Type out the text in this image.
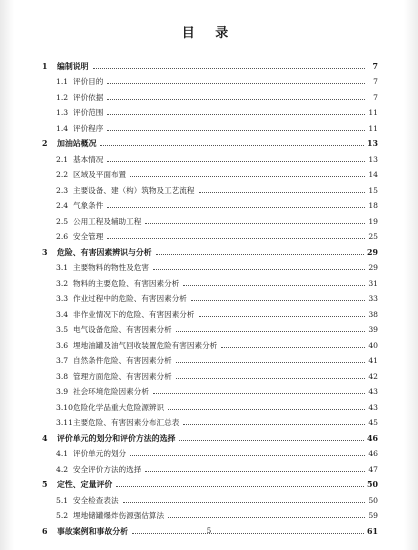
目 录
1	编制说明	7
1.1 评价目的	7
1.2 评价依据	7
1.3 评价范围	11
1.4 评价程序	11
2	加油站概况	13
2.1 基本情况	13
2.2 区域及平面布置	14
2.3 主要设备、建（构）筑物及工艺流程	15
2.4 气象条件	18
2.5 公用工程及辅助工程	19
2.6 安全管理	25
3	危险、有害因素辨识与分析	29
3.1 主要物料的物性及危害	29
3.2 物料的主要危险、有害因素分析	31
3.3 作业过程中的危险、有害因素分析	33
3.4 非作业情况下的危险、有害因素分析	38
3.5 电气设备危险、有害因素分析	39
3.6 埋地油罐及油气回收装置危险有害因素分析	40
3.7 自然条件危险、有害因素分析	41
3.8 管理方面危险、有害因素分析	42
3.9 社会环境危险因素分析	43
3.10 危险化学品重大危险源辨识	43
3.11 主要危险、有害因素分布汇总表	45
4	评价单元的划分和评价方法的选择	46
4.1 评价单元的划分	46
4.2 安全评价方法的选择	47
5	定性、定量评价	50
5.1 安全检查表法	50
5.2 埋地储罐爆炸伤源强估算法	59
6	事故案例和事故分析	61
5
